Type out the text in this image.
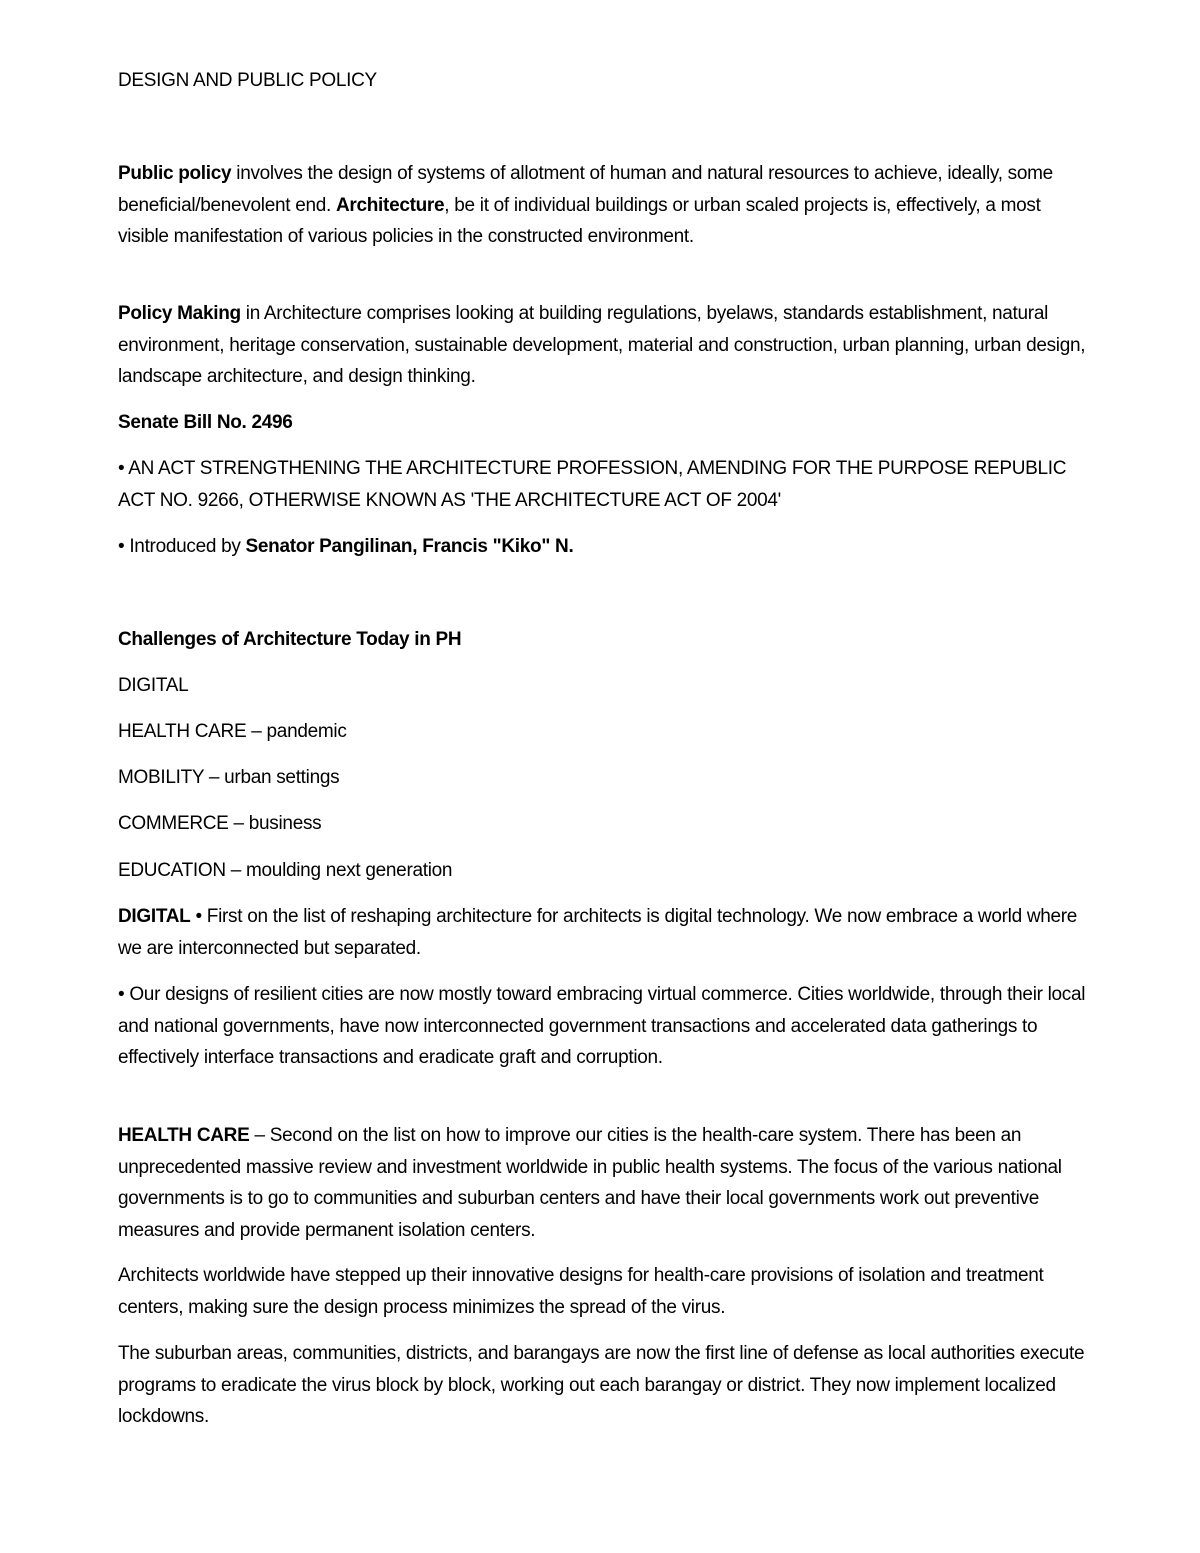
DESIGN AND PUBLIC POLICY

Public policy involves the design of systems of allotment of human and natural resources to achieve, ideally, some beneficial/benevolent end. Architecture, be it of individual buildings or urban scaled projects is, effectively, a most visible manifestation of various policies in the constructed environment.

Policy Making in Architecture comprises looking at building regulations, byelaws, standards establishment, natural environment, heritage conservation, sustainable development, material and construction, urban planning, urban design, landscape architecture, and design thinking.

Senate Bill No. 2496

• AN ACT STRENGTHENING THE ARCHITECTURE PROFESSION, AMENDING FOR THE PURPOSE REPUBLIC ACT NO. 9266, OTHERWISE KNOWN AS 'THE ARCHITECTURE ACT OF 2004'

• Introduced by Senator Pangilinan, Francis "Kiko" N.

Challenges of Architecture Today in PH

DIGITAL

HEALTH CARE – pandemic

MOBILITY – urban settings

COMMERCE – business

EDUCATION – moulding next generation

DIGITAL • First on the list of reshaping architecture for architects is digital technology. We now embrace a world where we are interconnected but separated.

• Our designs of resilient cities are now mostly toward embracing virtual commerce. Cities worldwide, through their local and national governments, have now interconnected government transactions and accelerated data gatherings to effectively interface transactions and eradicate graft and corruption.

HEALTH CARE – Second on the list on how to improve our cities is the health-care system. There has been an unprecedented massive review and investment worldwide in public health systems. The focus of the various national governments is to go to communities and suburban centers and have their local governments work out preventive measures and provide permanent isolation centers.

Architects worldwide have stepped up their innovative designs for health-care provisions of isolation and treatment centers, making sure the design process minimizes the spread of the virus.

The suburban areas, communities, districts, and barangays are now the first line of defense as local authorities execute programs to eradicate the virus block by block, working out each barangay or district. They now implement localized lockdowns.
